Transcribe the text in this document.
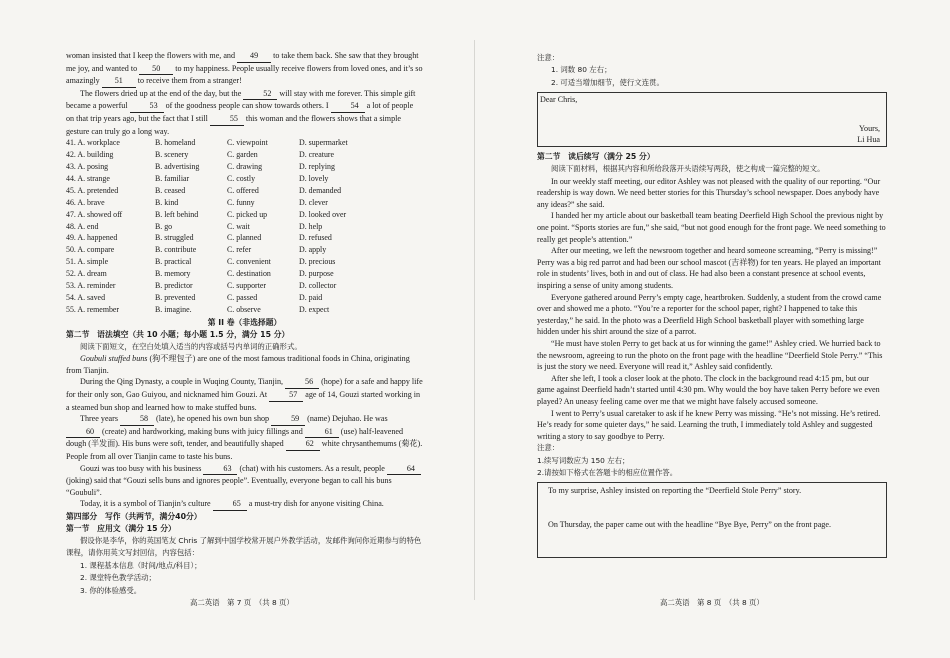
woman insisted that I keep the flowers with me, and 49 to take them back. She saw that they brought me joy, and wanted to 50 to my happiness. People usually receive flowers from loved ones, and it’s so amazingly 51 to receive them from a stranger!

The flowers dried up at the end of the day, but the 52 will stay with me forever. This simple gift became a powerful 53 of the goodness people can show towards others. I 54 a lot of people on that trip years ago, but the fact that I still 55 this woman and the flowers shows that a simple gesture can truly go a long way.

41. A. workplace	B. homeland	C. viewpoint	D. supermarket
42. A. building	B. scenery	C. garden	D. creature
43. A. posing	B. advertising	C. drawing	D. replying
44. A. strange	B. familiar	C. costly	D. lovely
45. A. pretended	B. ceased	C. offered	D. demanded
46. A. brave	B. kind	C. funny	D. clever
47. A. showed off	B. left behind	C. picked up	D. looked over
48. A. end	B. go	C. wait	D. help
49. A. happened	B. struggled	C. planned	D. refused
50. A. compare	B. contribute	C. refer	D. apply
51. A. simple	B. practical	C. convenient	D. precious
52. A. dream	B. memory	C. destination	D. purpose
53. A. reminder	B. predictor	C. supporter	D. collector
54. A. saved	B. prevented	C. passed	D. paid
55. A. remember	B. imagine.	C. observe	D. expect

第 II 卷（非选择题）

第二节　语法填空（共 10 小题；每小题 1.5 分，满分 15 分）

阅读下面短文，在空白处填入适当的内容或括号内单词的正确形式。

Goubuli stuffed buns (狗不理包子) are one of the most famous traditional foods in China, originating from Tianjin.

During the Qing Dynasty, a couple in Wuqing County, Tianjin, 56 (hope) for a safe and happy life for their only son, Gao Guiyou, and nicknamed him Gouzi. At 57 age of 14, Gouzi started working in a steamed bun shop and learned how to make stuffed buns.

Three years 58 (late), he opened his own bun shop 59 (name) Dejuhao. He was 60 (create) and hardworking, making buns with juicy fillings and 61 (use) half-leavened dough (半发面). His buns were soft, tender, and beautifully shaped 62 white chrysanthemums (菊花). People from all over Tianjin came to taste his buns.

Gouzi was too busy with his business 63 (chat) with his customers. As a result, people 64 (joking) said that “Gouzi sells buns and ignores people”. Eventually, everyone began to call his buns “Goubuli”.

Today, it is a symbol of Tianjin’s culture 65 a must-try dish for anyone visiting China.

第四部分　写作（共两节，满分40分）

第一节　应用文（满分 15 分）

假设你是李华，你的英国笔友 Chris 了解到中国学校常开展户外教学活动，发邮件询问你近期参与的特色课程，请你用英文写封回信，内容包括：

1. 课程基本信息（时间/地点/科目）；

2. 课堂特色教学活动；

3. 你的体验感受。

高二英语　第 7 页　（共 8 页）

注意：

1. 词数 80 左右；

2. 可适当增加细节，使行文连贯。

Dear Chris,
Yours,
Li Hua

第二节　读后续写（满分 25 分）

阅读下面材料，根据其内容和所给段落开头语续写两段，使之构成一篇完整的短文。

In our weekly staff meeting, our editor Ashley was not pleased with the quality of our reporting. “Our readership is way down. We need better stories for this Thursday’s school newspaper. Does anybody have any ideas?” she said.

I handed her my article about our basketball team beating Deerfield High School the previous night by one point. “Sports stories are fun,” she said, “but not good enough for the front page. We need something to really get people’s attention.”

After our meeting, we left the newsroom together and heard someone screaming, “Perry is missing!” Perry was a big red parrot and had been our school mascot (吉祥物) for ten years. He played an important role in students’ lives, both in and out of class. He had also been a constant presence at school events, inspiring a sense of unity among students.

Everyone gathered around Perry’s empty cage, heartbroken. Suddenly, a student from the crowd came over and showed me a photo. “You’re a reporter for the school paper, right? I happened to take this yesterday,” he said. In the photo was a Deerfield High School basketball player with something large hidden under his shirt around the size of a parrot.

“He must have stolen Perry to get back at us for winning the game!” Ashley cried. We hurried back to the newsroom, agreeing to run the photo on the front page with the headline “Deerfield Stole Perry.” “This is just the story we need. Everyone will read it,” Ashley said confidently.

After she left, I took a closer look at the photo. The clock in the background read 4:15 pm, but our game against Deerfield hadn’t started until 4:30 pm. Why would the boy have taken Perry before we even played? An uneasy feeling came over me that we might have falsely accused someone.

I went to Perry’s usual caretaker to ask if he knew Perry was missing. “He’s not missing. He’s retired. He’s ready for some quieter days,” he said. Learning the truth, I immediately told Ashley and suggested writing a story to say goodbye to Perry.

注意：

1.续写词数应为 150 左右；

2.请按如下格式在答题卡的相应位置作答。

To my surprise, Ashley insisted on reporting the “Deerfield Stole Perry” story.
On Thursday, the paper came out with the headline “Bye Bye, Perry” on the front page.
高二英语　第 8 页　（共 8 页）
